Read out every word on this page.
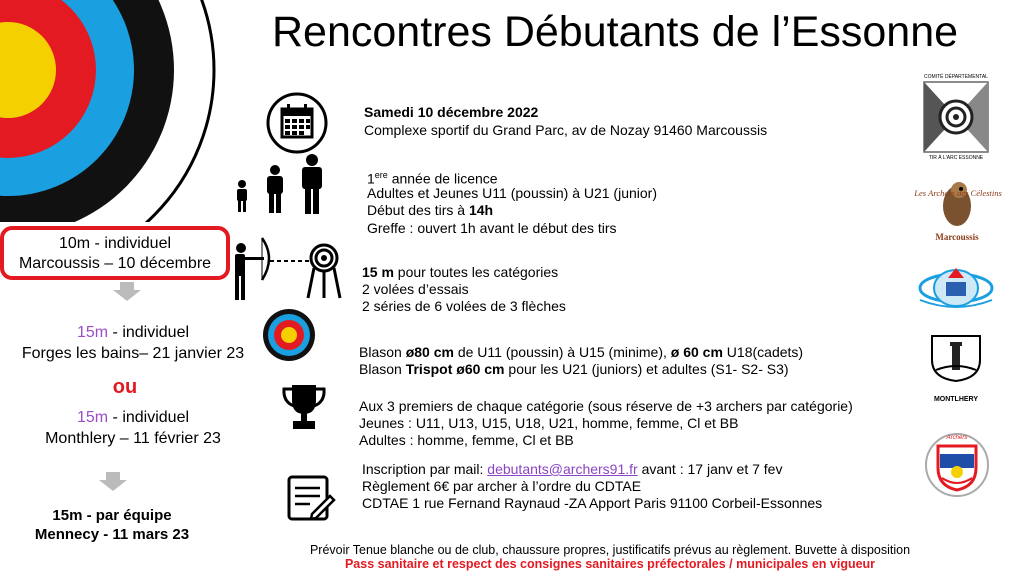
Rencontres Débutants de l’Essonne
Samedi 10 décembre 2022
Complexe sportif du Grand Parc, av de Nozay 91460 Marcoussis
1ere année de licence
Adultes et Jeunes U11 (poussin) à U21 (junior)
Début des tirs à 14h
Greffe : ouvert 1h avant le début des tirs
15 m pour toutes les catégories
2 volées d’essais
2 séries de 6 volées de 3 flèches
Blason ø80 cm de U11 (poussin) à U15 (minime), ø 60 cm U18(cadets)
Blason Trispot ø60 cm pour les U21 (juniors) et adultes (S1- S2- S3)
Aux 3 premiers de chaque catégorie (sous réserve de +3 archers par catégorie)
Jeunes : U11, U13, U15, U18, U21, homme, femme, Cl et BB
Adultes : homme, femme, Cl et BB
Inscription par mail: debutants@archers91.fr avant : 17 janv et 7 fev
Règlement 6€ par archer à l’ordre du CDTAE
CDTAE 1 rue Fernand Raynaud -ZA Apport Paris 91100 Corbeil-Essonnes
Prévoir Tenue blanche ou de club, chaussure propres, justificatifs prévus au règlement. Buvette à disposition
Pass sanitaire et respect des consignes sanitaires préfectorales / municipales en vigueur
10m - individuel
Marcoussis – 10 décembre
15m - individuel
Forges les bains– 21 janvier 23
ou
15m - individuel
Monthlery – 11 février 23
15m - par équipe
Mennecy - 11 mars 23
COMITÉ DÉPARTEMENTAL
TIR À L'ARC ESSONNE
Les Archers des Célestins
Marcoussis
MONTLHERY
Archers
